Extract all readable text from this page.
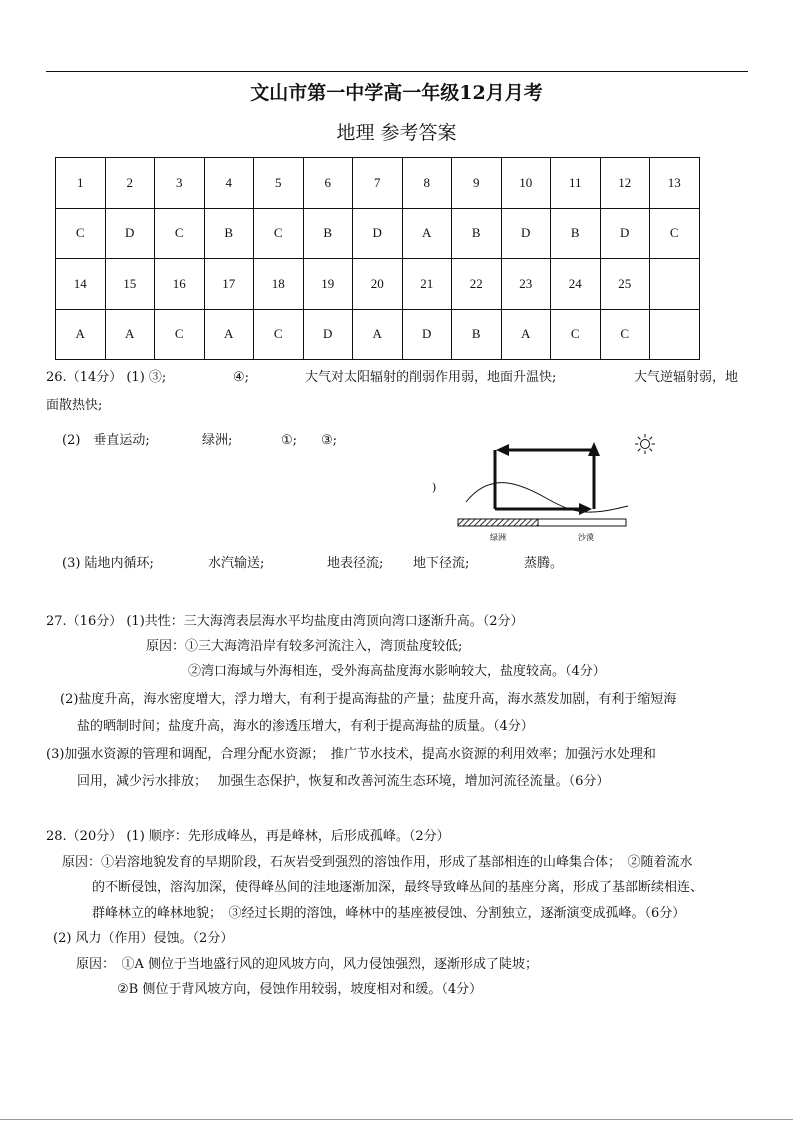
文山市第一中学高一年级12月月考
地理 参考答案
1	2	3	4	5	6	7	8	9	10	11	12	13
C	D	C	B	C	B	D	A	B	D	B	D	C
14	15	16	17	18	19	20	21	22	23	24	25	
A	A	C	A	C	D	A	D	B	A	C	C	
26.（14分） (1) ③;	④;	大气对太阳辐射的削弱作用弱，地面升温快;	大气逆辐射弱，地
面散热快;
(2)　垂直运动;	绿洲;	①; ③;
)
绿洲	沙漠
(3) 陆地内循环;	水汽输送;	地表径流; 地下径流;	蒸腾。
27.（16分） (1)共性：三大海湾表层海水平均盐度由湾顶向湾口逐渐升高。（2分）
原因：①三大海湾沿岸有较多河流注入，湾顶盐度较低;
②湾口海域与外海相连，受外海高盐度海水影响较大，盐度较高。（4分）
(2)盐度升高，海水密度增大，浮力增大，有利于提高海盐的产量；盐度升高，海水蒸发加剧，有利于缩短海
盐的晒制时间；盐度升高，海水的渗透压增大，有利于提高海盐的质量。（4分）
(3)加强水资源的管理和调配，合理分配水资源；　推广节水技术，提高水资源的利用效率；加强污水处理和
回用，减少污水排放；　 加强生态保护，恢复和改善河流生态环境，增加河流径流量。（6分）
28.（20分） (1) 顺序：先形成峰丛，再是峰林，后形成孤峰。（2分）
原因：①岩溶地貌发育的早期阶段，石灰岩受到强烈的溶蚀作用，形成了基部相连的山峰集合体；　②随着流水
的不断侵蚀，溶沟加深，使得峰丛间的洼地逐渐加深，最终导致峰丛间的基座分离，形成了基部断续相连、
群峰林立的峰林地貌；　③经过长期的溶蚀，峰林中的基座被侵蚀、分割独立，逐渐演变成孤峰。（6分）
(2) 风力（作用）侵蚀。（2分）
原因：　①A 侧位于当地盛行风的迎风坡方向，风力侵蚀强烈，逐渐形成了陡坡；
②B 侧位于背风坡方向，侵蚀作用较弱，坡度相对和缓。（4分）
